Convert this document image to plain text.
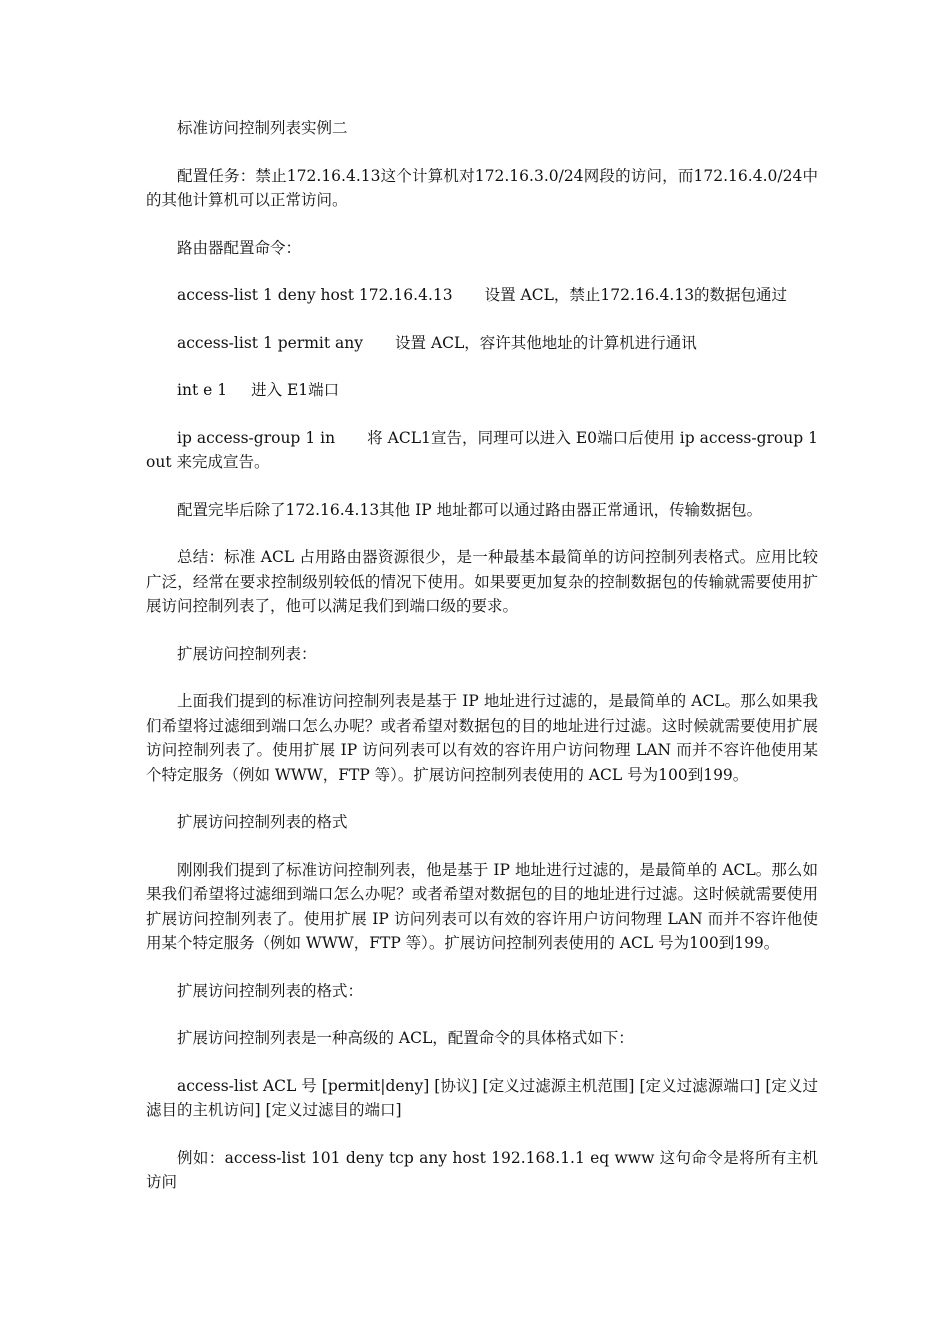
标准访问控制列表实例二

配置任务：禁止172.16.4.13这个计算机对172.16.3.0/24网段的访问，而172.16.4.0/24中的其他计算机可以正常访问。

路由器配置命令：

access-list 1 deny host 172.16.4.13 设置 ACL，禁止172.16.4.13的数据包通过

access-list 1 permit any 设置 ACL，容许其他地址的计算机进行通讯

int e 1 进入 E1端口

ip access-group 1 in 将 ACL1宣告，同理可以进入 E0端口后使用 ip access-group 1 out 来完成宣告。

配置完毕后除了172.16.4.13其他 IP 地址都可以通过路由器正常通讯，传输数据包。

总结：标准 ACL 占用路由器资源很少，是一种最基本最简单的访问控制列表格式。应用比较广泛，经常在要求控制级别较低的情况下使用。如果要更加复杂的控制数据包的传输就需要使用扩展访问控制列表了，他可以满足我们到端口级的要求。

扩展访问控制列表：

上面我们提到的标准访问控制列表是基于 IP 地址进行过滤的，是最简单的 ACL。那么如果我们希望将过滤细到端口怎么办呢？或者希望对数据包的目的地址进行过滤。这时候就需要使用扩展访问控制列表了。使用扩展 IP 访问列表可以有效的容许用户访问物理 LAN 而并不容许他使用某个特定服务（例如 WWW，FTP 等）。扩展访问控制列表使用的 ACL 号为100到199。

扩展访问控制列表的格式

刚刚我们提到了标准访问控制列表，他是基于 IP 地址进行过滤的，是最简单的 ACL。那么如果我们希望将过滤细到端口怎么办呢？或者希望对数据包的目的地址进行过滤。这时候就需要使用扩展访问控制列表了。使用扩展 IP 访问列表可以有效的容许用户访问物理 LAN 而并不容许他使用某个特定服务（例如 WWW，FTP 等）。扩展访问控制列表使用的 ACL 号为100到199。

扩展访问控制列表的格式：

扩展访问控制列表是一种高级的 ACL，配置命令的具体格式如下：

access-list ACL 号 [permit|deny] [协议] [定义过滤源主机范围] [定义过滤源端口] [定义过滤目的主机访问] [定义过滤目的端口]

例如：access-list 101 deny tcp any host 192.168.1.1 eq www 这句命令是将所有主机访问
